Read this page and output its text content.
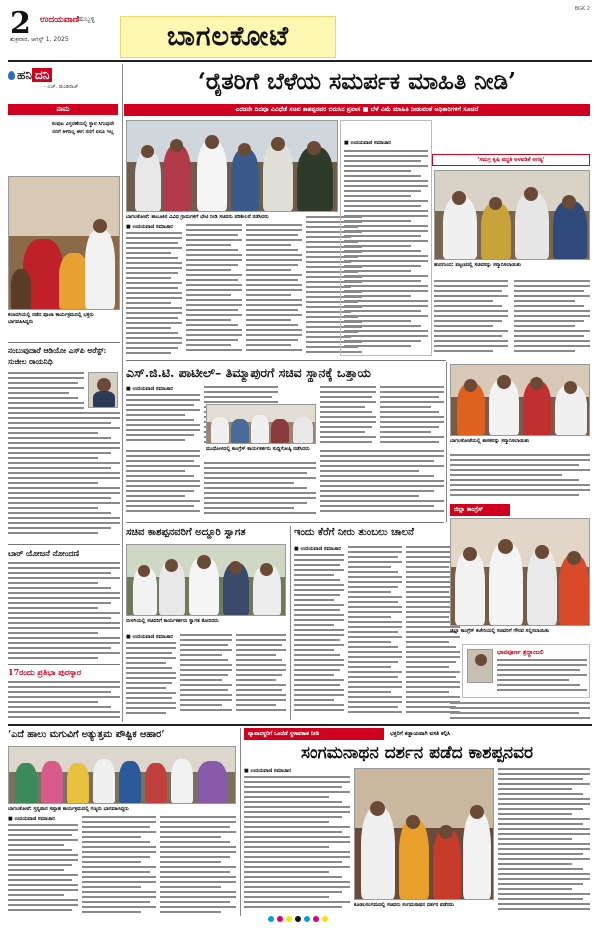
2 ಉದಯವಾಣಿ
ಹುಬ್ಬಳ್ಳಿ
ಶುಕ್ರವಾರ, ಆಗಸ್ಟ್ 1, 2025	ಬಾಗಲಕೋಟೆ
BGK 2
ಹನಿ ದನಿ
- ಎಚ್. ಡುಂಡಿರಾಜ್
ನಾಮ
ಸಂಪುಟ ವಿಸ್ತರಣೆಯಲ್ಲಿ ಸ್ಥಾನ ಸಿಗುವುದೇ ನನಗೆ ತಿಳಿದಿಲ್ಲ ಈಗ ನನಗೆ ಏನೂ ಇಲ್ಲ
ಕಲಾದಗಿಯಲ್ಲಿ ನಡೆದ ಪೂಜಾ ಕಾರ್ಯಕ್ರಮದಲ್ಲಿ ಭಕ್ತರು ಭಾಗವಹಿಸಿದ್ದರು
ನಂಬುವುದಾರೆ ಆಡಿಯೋ ಎಸ್‌ಪಿ ಅರೆಸ್ಟ್‌: ಸುಜೀಲ ರಾಯನಿಧಿ
ಬಾರ್ ಯೋಜನೆ ನೋಂದಣಿ
17ರಂದು ಪ್ರತಿಭಾ ಪುರಸ್ಕಾರ
‘ರೈತರಿಗೆ ಬೆಳೆಯ ಸಮರ್ಪಕ ಮಾಹಿತಿ ನೀಡಿ’
ಎರಡನೇ ದಿನವೂ ವಿವಿಧೆಡೆ ಸಚಿವ ಕಾಶಪ್ಪನವರ ಬಿರುಸಿನ ಪ್ರವಾಸ ■ ಬೆಳೆ ವಿಮೆ ಮಾಹಿತಿ ನೀಡುವಂತೆ ಅಧಿಕಾರಿಗಳಿಗೆ ಸೂಚನೆ
ಬಾಗಲಕೋಟೆ: ತಾಲೂಕಿನ ವಿವಿಧ ಗ್ರಾಮಗಳಿಗೆ ಭೇಟಿ ನೀಡಿ ಸಚಿವರು ಪರಿಶೀಲನೆ ನಡೆಸಿದರು
■ ಉದಯವಾಣಿ ಸಮಾಚಾರ
■ ಉದಯವಾಣಿ ಸಮಾಚಾರ
‘ಸಮಗ್ರ ಕೃಷಿ ಪದ್ಧತಿ ಅಳವಡಿಕೆ ಅಗತ್ಯ’
ಹುನಗುಂದ: ಪಟ್ಟಣದಲ್ಲಿ ಸಚಿವರನ್ನು ಸನ್ಮಾನಿಸಲಾಯಿತು
ಎಸ್‌.ಜಿ.ಟಿ. ಪಾಟೀಲ್‌– ತಿಮ್ಮಾಪುರಗೆ ಸಚಿವ ಸ್ಥಾನಕ್ಕೆ ಒತ್ತಾಯ
■ ಉದಯವಾಣಿ ಸಮಾಚಾರ
ಮುಧೋಳದಲ್ಲಿ ಕಾಂಗ್ರೆಸ್ ಕಾರ್ಯಕರ್ತರು ಸುದ್ದಿಗೋಷ್ಠಿ ನಡೆಸಿದರು
ಸಚಿವ ಕಾಶಪ್ಪನವರಿಗೆ ಅದ್ದೂರಿ ಸ್ವಾಗತ
ಬೀಳಗಿಯಲ್ಲಿ ಸಚಿವರಿಗೆ ಕಾರ್ಯಕರ್ತರು ಸ್ವಾಗತ ಕೋರಿದರು
■ ಉದಯವಾಣಿ ಸಮಾಚಾರ
ಇಂದು ಕೆರೆಗೆ ನೀರು ತುಂಬಲು ಚಾಲನೆ
■ ಉದಯವಾಣಿ ಸಮಾಚಾರ
ಬಾಗಲಕೋಟೆಯಲ್ಲಿ ಶಾಸಕರನ್ನು ಸನ್ಮಾನಿಸಲಾಯಿತು
ಜಿಲ್ಲಾ ಕಾಂಗ್ರೆಸ್
ಜಿಲ್ಲಾ ಕಾಂಗ್ರೆಸ್ ಕಚೇರಿಯಲ್ಲಿ ಸಚಿವರಿಗೆ ಗೌರವ ಸಲ್ಲಿಸಲಾಯಿತು
ಭಾವಪೂರ್ಣ ಶ್ರದ್ಧಾಂಜಲಿ
‘ಎದೆ ಹಾಲು ಮಗುವಿಗೆ ಅತ್ಯುತ್ತಮ ಪೌಷ್ಟಿಕ ಆಹಾರ’
ಬಾಗಲಕೋಟೆ: ಸ್ತನ್ಯಪಾನ ಸಪ್ತಾಹ ಕಾರ್ಯಕ್ರಮದಲ್ಲಿ ಗಣ್ಯರು ಭಾಗವಹಿಸಿದ್ದರು
■ ಉದಯವಾಣಿ ಸಮಾಚಾರ
ವ್ಯಾಪಾರಸ್ಥರಿಗೆ ಒಂದೆಡೆ ಸ್ಥಳಾವಕಾಶ ನೀಡಿ	ಭಕ್ತರಿಗೆ ಕಡ್ಡಾಯವಾಗಿ ವಸತಿ ಕಲ್ಪಿಸಿ
ಸಂಗಮನಾಥನ ದರ್ಶನ ಪಡೆದ ಕಾಶಪ್ಪನವರ
■ ಉದಯವಾಣಿ ಸಮಾಚಾರ
ಕೂಡಲಸಂಗಮದಲ್ಲಿ ಸಚಿವರು ಸಂಗಮನಾಥನ ದರ್ಶನ ಪಡೆದರು
